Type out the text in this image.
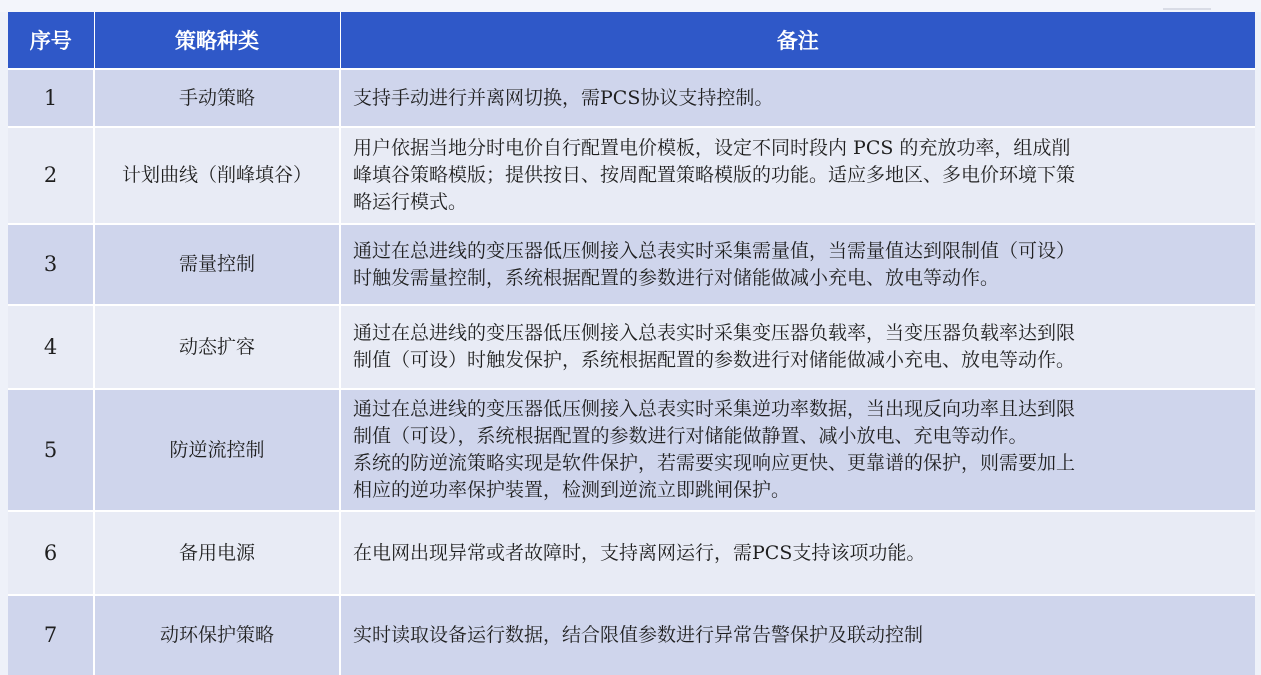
序号	策略种类	备注
1	手动策略	支持手动进行并离网切换，需PCS协议支持控制。

2	计划曲线（削峰填谷）	用户依据当地分时电价自行配置电价模板，设定不同时段内 PCS 的充放功率，组成削
峰填谷策略模版；提供按日、按周配置策略模版的功能。适应多地区、多电价环境下策
略运行模式。

3	需量控制	通过在总进线的变压器低压侧接入总表实时采集需量值，当需量值达到限制值（可设）
时触发需量控制，系统根据配置的参数进行对储能做减小充电、放电等动作。

4	动态扩容	通过在总进线的变压器低压侧接入总表实时采集变压器负载率，当变压器负载率达到限
制值（可设）时触发保护，系统根据配置的参数进行对储能做减小充电、放电等动作。

5	防逆流控制	通过在总进线的变压器低压侧接入总表实时采集逆功率数据，当出现反向功率且达到限
制值（可设），系统根据配置的参数进行对储能做静置、减小放电、充电等动作。
系统的防逆流策略实现是软件保护，若需要实现响应更快、更靠谱的保护，则需要加上
相应的逆功率保护装置，检测到逆流立即跳闸保护。

6	备用电源	在电网出现异常或者故障时，支持离网运行，需PCS支持该项功能。

7	动环保护策略	实时读取设备运行数据，结合限值参数进行异常告警保护及联动控制
